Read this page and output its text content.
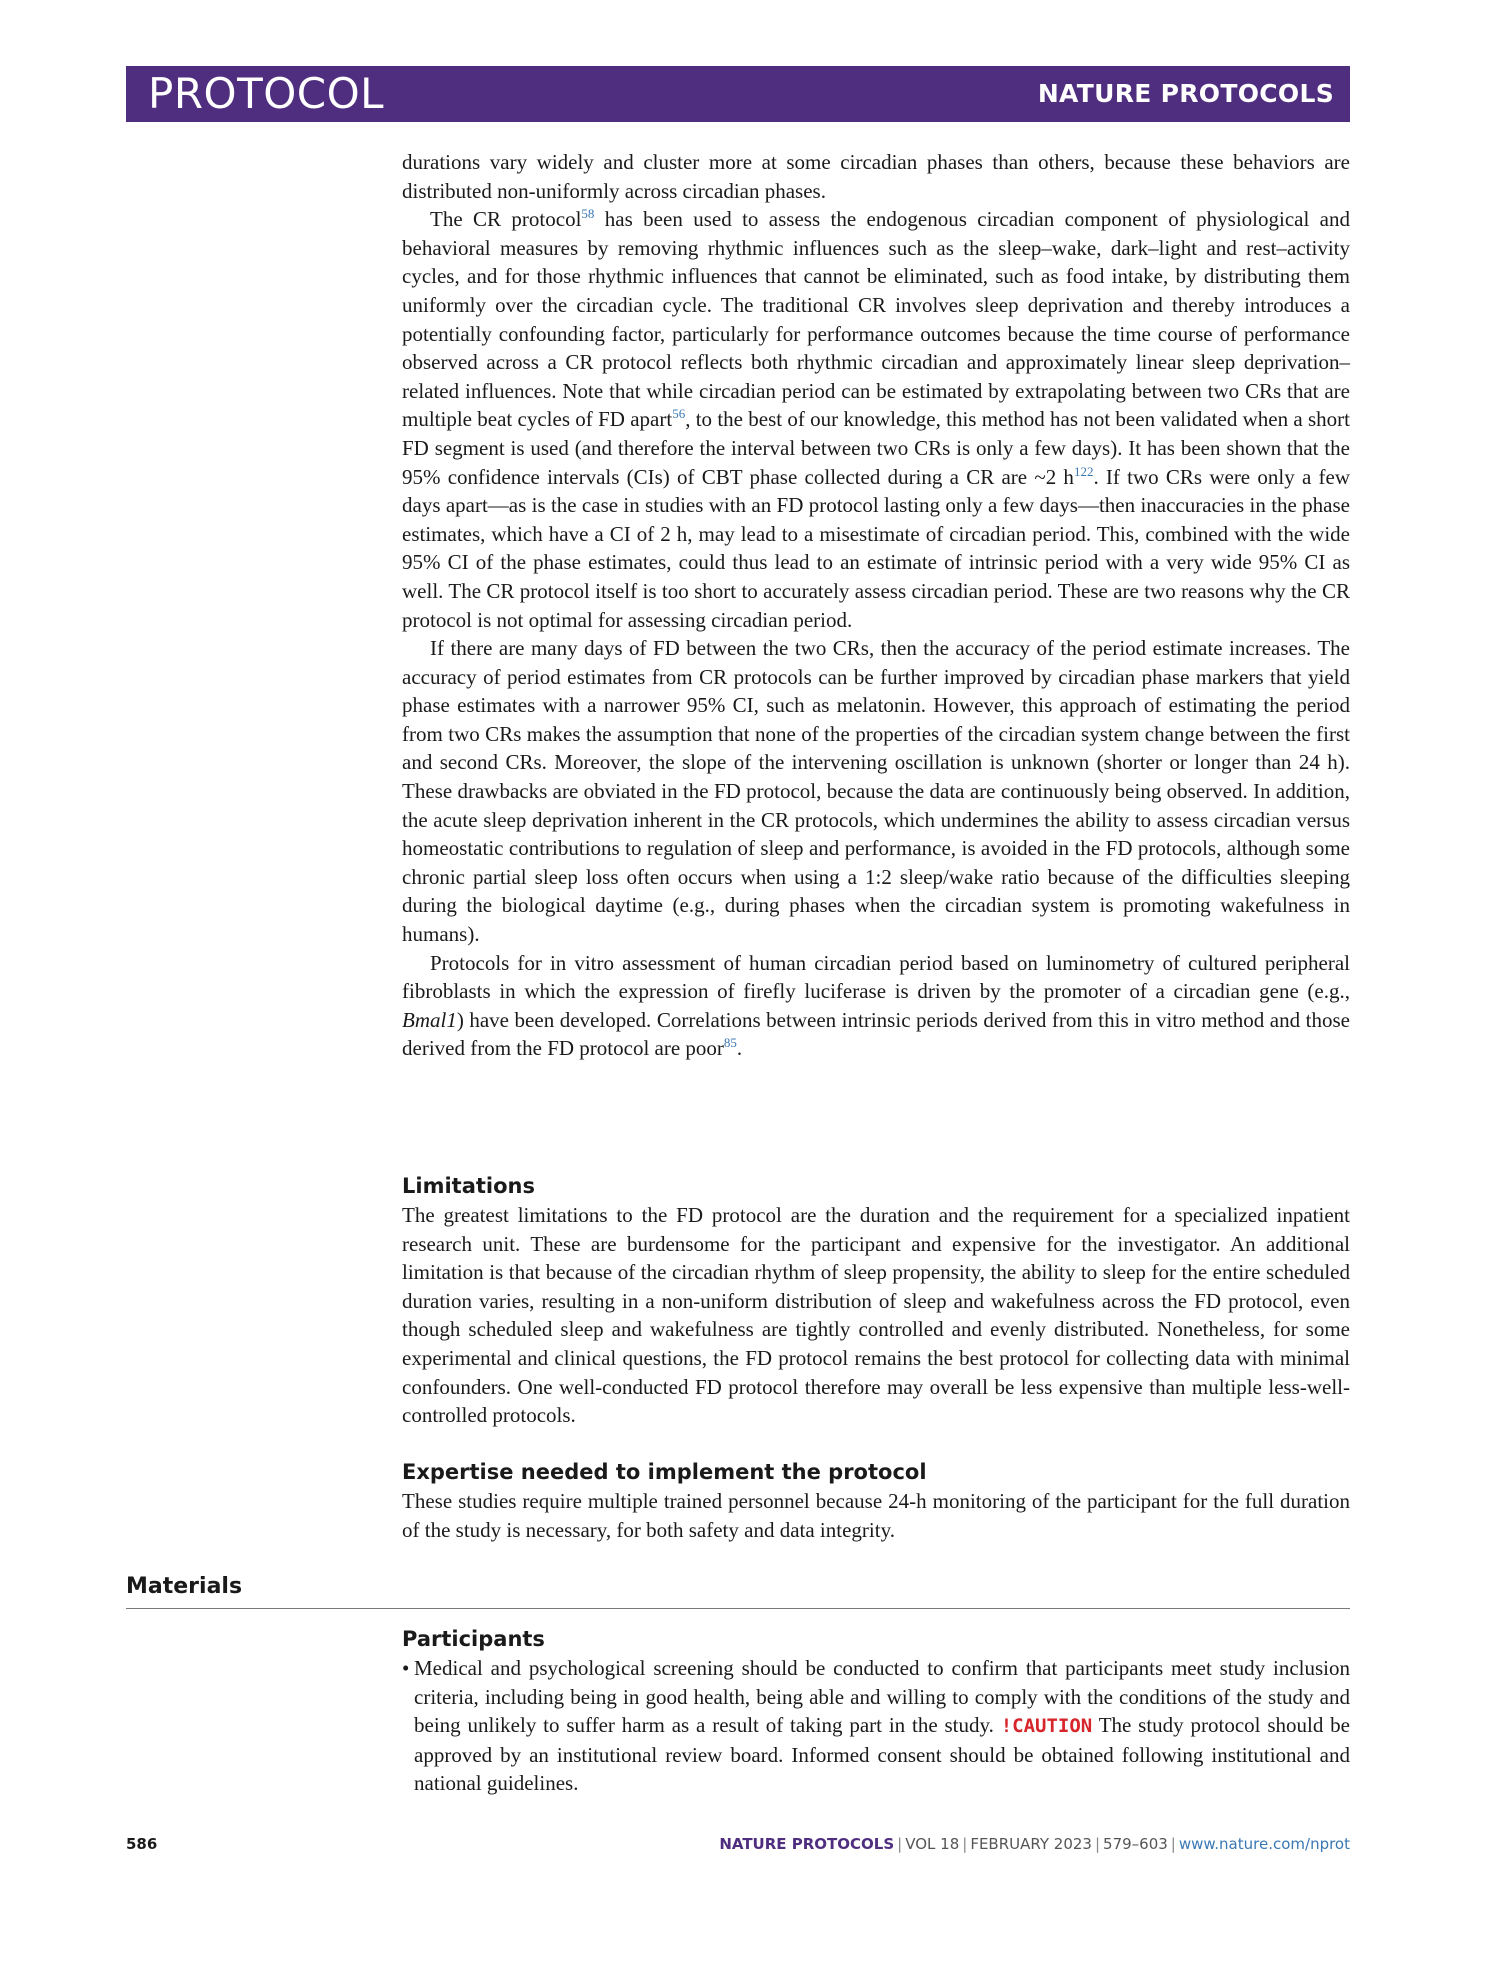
PROTOCOL	NATURE PROTOCOLS

durations vary widely and cluster more at some circadian phases than others, because these behaviors are distributed non-uniformly across circadian phases.

The CR protocol$^{58}$ has been used to assess the endogenous circadian component of physiological and behavioral measures by removing rhythmic influences such as the sleep–wake, dark–light and rest–activity cycles, and for those rhythmic influences that cannot be eliminated, such as food intake, by distributing them uniformly over the circadian cycle. The traditional CR involves sleep deprivation and thereby introduces a potentially confounding factor, particularly for performance outcomes because the time course of performance observed across a CR protocol reflects both rhythmic circadian and approximately linear sleep deprivation–related influences. Note that while circadian period can be estimated by extrapolating between two CRs that are multiple beat cycles of FD apart$^{56}$, to the best of our knowledge, this method has not been validated when a short FD segment is used (and therefore the interval between two CRs is only a few days). It has been shown that the 95% confidence intervals (CIs) of CBT phase collected during a CR are ~2 h$^{122}$. If two CRs were only a few days apart—as is the case in studies with an FD protocol lasting only a few days—then inaccuracies in the phase estimates, which have a CI of 2 h, may lead to a misestimate of circadian period. This, combined with the wide 95% CI of the phase estimates, could thus lead to an estimate of intrinsic period with a very wide 95% CI as well. The CR protocol itself is too short to accurately assess circadian period. These are two reasons why the CR protocol is not optimal for assessing circadian period.

If there are many days of FD between the two CRs, then the accuracy of the period estimate increases. The accuracy of period estimates from CR protocols can be further improved by circadian phase markers that yield phase estimates with a narrower 95% CI, such as melatonin. However, this approach of estimating the period from two CRs makes the assumption that none of the properties of the circadian system change between the first and second CRs. Moreover, the slope of the intervening oscillation is unknown (shorter or longer than 24 h). These drawbacks are obviated in the FD protocol, because the data are continuously being observed. In addition, the acute sleep deprivation inherent in the CR protocols, which undermines the ability to assess circadian versus homeostatic contributions to regulation of sleep and performance, is avoided in the FD protocols, although some chronic partial sleep loss often occurs when using a 1:2 sleep/wake ratio because of the difficulties sleeping during the biological daytime (e.g., during phases when the circadian system is promoting wakefulness in humans).

Protocols for in vitro assessment of human circadian period based on luminometry of cultured peripheral fibroblasts in which the expression of firefly luciferase is driven by the promoter of a circadian gene (e.g., Bmal1) have been developed. Correlations between intrinsic periods derived from this in vitro method and those derived from the FD protocol are poor$^{85}$.

Limitations

The greatest limitations to the FD protocol are the duration and the requirement for a specialized inpatient research unit. These are burdensome for the participant and expensive for the investigator. An additional limitation is that because of the circadian rhythm of sleep propensity, the ability to sleep for the entire scheduled duration varies, resulting in a non-uniform distribution of sleep and wakefulness across the FD protocol, even though scheduled sleep and wakefulness are tightly controlled and evenly distributed. Nonetheless, for some experimental and clinical questions, the FD protocol remains the best protocol for collecting data with minimal confounders. One well-conducted FD protocol therefore may overall be less expensive than multiple less-well-controlled protocols.

Expertise needed to implement the protocol

These studies require multiple trained personnel because 24-h monitoring of the participant for the full duration of the study is necessary, for both safety and data integrity.

Materials
Participants
• Medical and psychological screening should be conducted to confirm that participants meet study inclusion criteria, including being in good health, being able and willing to comply with the conditions of the study and being unlikely to suffer harm as a result of taking part in the study. !CAUTION The study protocol should be approved by an institutional review board. Informed consent should be obtained following institutional and national guidelines.

586	NATURE PROTOCOLS | VOL 18 | FEBRUARY 2023 | 579–603 | www.nature.com/nprot
